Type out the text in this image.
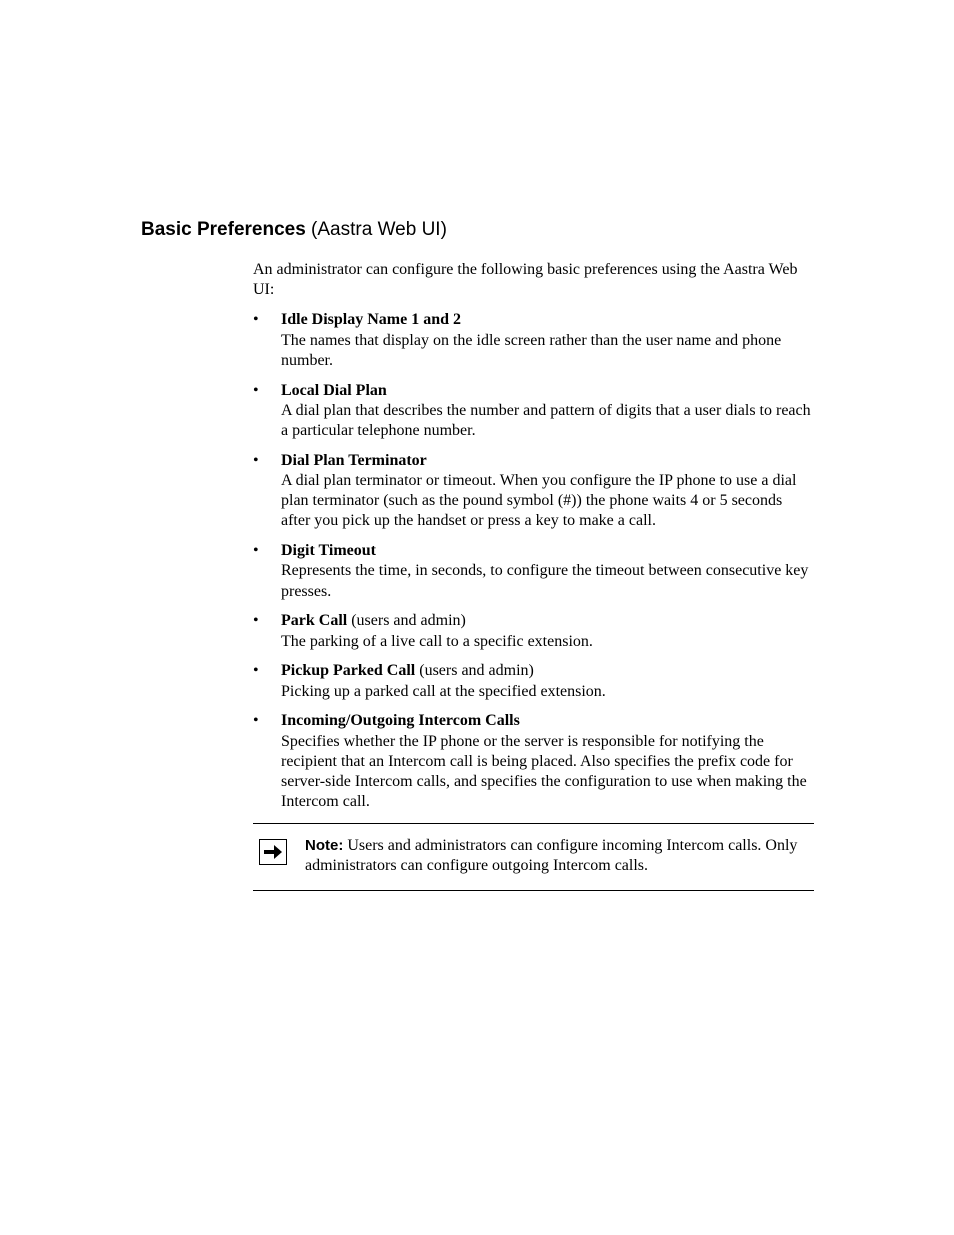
Basic Preferences (Aastra Web UI)

An administrator can configure the following basic preferences using the Aastra Web UI:

• Idle Display Name 1 and 2
The names that display on the idle screen rather than the user name and phone number.
• Local Dial Plan
A dial plan that describes the number and pattern of digits that a user dials to reach a particular telephone number.
• Dial Plan Terminator
A dial plan terminator or timeout. When you configure the IP phone to use a dial plan terminator (such as the pound symbol (#)) the phone waits 4 or 5 seconds after you pick up the handset or press a key to make a call.
• Digit Timeout
Represents the time, in seconds, to configure the timeout between consecutive key presses.
• Park Call (users and admin)
The parking of a live call to a specific extension.
• Pickup Parked Call (users and admin)
Picking up a parked call at the specified extension.
• Incoming/Outgoing Intercom Calls
Specifies whether the IP phone or the server is responsible for notifying the recipient that an Intercom call is being placed. Also specifies the prefix code for server-side Intercom calls, and specifies the configuration to use when making the Intercom call.
Note: Users and administrators can configure incoming Intercom calls. Only administrators can configure outgoing Intercom calls.
